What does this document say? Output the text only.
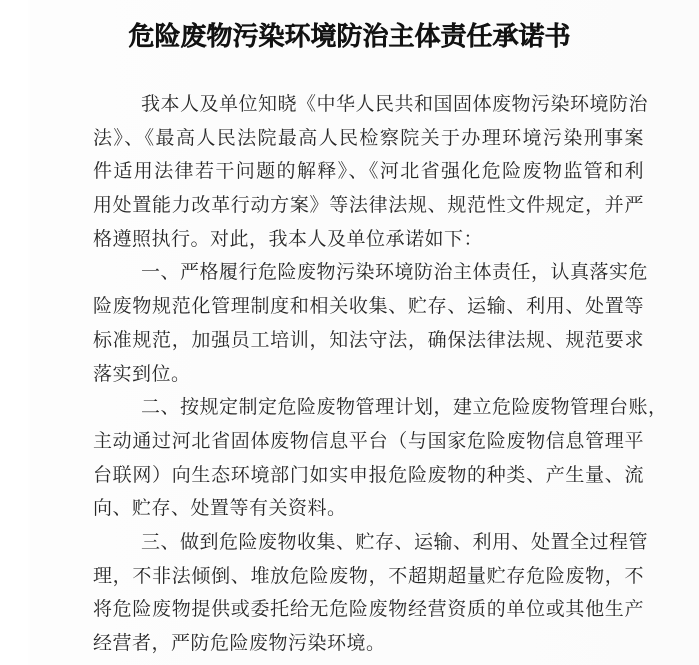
危险废物污染环境防治主体责任承诺书
我本人及单位知晓《中华人民共和国固体废物污染环境防治
法》、《最高人民法院最高人民检察院关于办理环境污染刑事案
件适用法律若干问题的解释》、《河北省强化危险废物监管和利
用处置能力改革行动方案》等法律法规、规范性文件规定，并严
格遵照执行。对此，我本人及单位承诺如下：
一、严格履行危险废物污染环境防治主体责任，认真落实危
险废物规范化管理制度和相关收集、贮存、运输、利用、处置等
标准规范，加强员工培训，知法守法，确保法律法规、规范要求
落实到位。
二、按规定制定危险废物管理计划，建立危险废物管理台账，
主动通过河北省固体废物信息平台（与国家危险废物信息管理平
台联网）向生态环境部门如实申报危险废物的种类、产生量、流
向、贮存、处置等有关资料。
三、做到危险废物收集、贮存、运输、利用、处置全过程管
理，不非法倾倒、堆放危险废物，不超期超量贮存危险废物，不
将危险废物提供或委托给无危险废物经营资质的单位或其他生产
经营者，严防危险废物污染环境。
